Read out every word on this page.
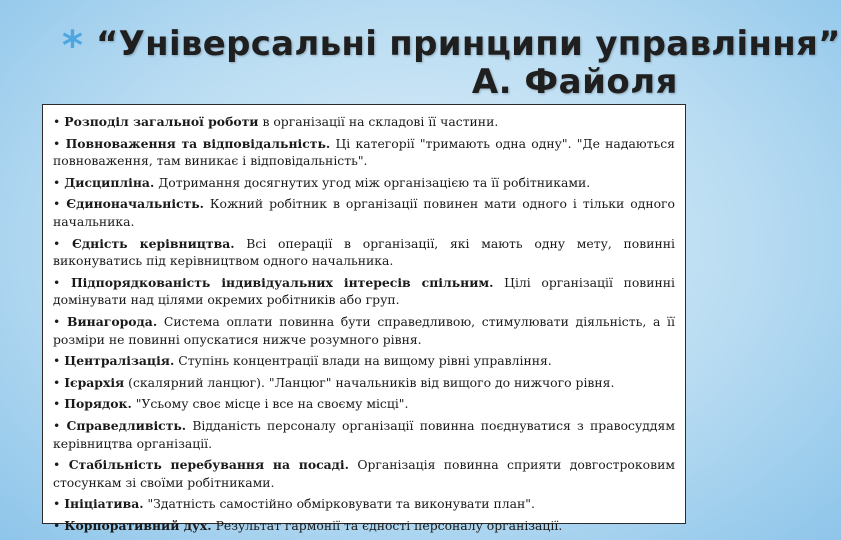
* “Універсальні принципи управління”
А. Файоля

• Розподіл загальної роботи в організації на складові її частини.

• Повноваження та відповідальність. Ці категорії "тримають одна одну". "Де надаються повноваження, там виникає і відповідальність".

• Дисципліна. Дотримання досягнутих угод між організацією та її робітниками.

• Єдиноначальність. Кожний робітник в організації повинен мати одного і тільки одного начальника.

• Єдність керівництва. Всі операції в організації, які мають одну мету, повинні виконуватись під керівництвом одного начальника.

• Підпорядкованість індивідуальних інтересів спільним. Цілі організації повинні домінувати над цілями окремих робітників або груп.

• Винагорода. Система оплати повинна бути справедливою, стимулювати діяльність, а її розміри не повинні опускатися нижче розумного рівня.

• Централізація. Ступінь концентрації влади на вищому рівні управління.

• Ієрархія (скалярний ланцюг). "Ланцюг" начальників від вищого до нижчого рівня.

• Порядок. "Усьому своє місце і все на своєму місці".

• Справедливість. Відданість персоналу організації повинна поєднуватися з правосуддям керівництва організації.

• Стабільність перебування на посаді. Організація повинна сприяти довгостроковим стосункам зі своїми робітниками.

• Ініціатива. "Здатність самостійно обмірковувати та виконувати план".

• Корпоративний дух. Результат гармонії та єдності персоналу організації.
